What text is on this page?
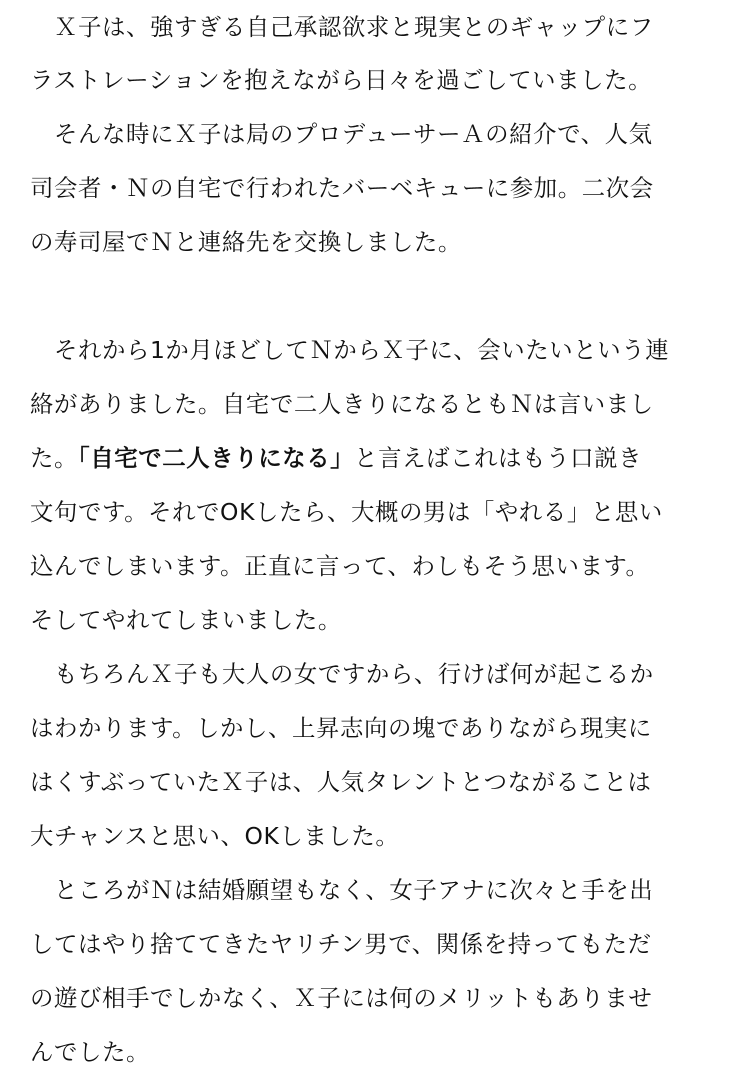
　Ｘ子は、強すぎる自己承認欲求と現実とのギャップにフ
ラストレーションを抱えながら日々を過ごしていました。
　そんな時にＸ子は局のプロデューサーＡの紹介で、人気
司会者・Ｎの自宅で行われたバーベキューに参加。二次会
の寿司屋でＮと連絡先を交換しました。
　それから1か月ほどしてＮからＸ子に、会いたいという連
絡がありました。自宅で二人きりになるともＮは言いまし
た。「自宅で二人きりになる」と言えばこれはもう口説き
文句です。それでOKしたら、大概の男は「やれる」と思い
込んでしまいます。正直に言って、わしもそう思います。
そしてやれてしまいました。
　もちろんＸ子も大人の女ですから、行けば何が起こるか
はわかります。しかし、上昇志向の塊でありながら現実に
はくすぶっていたＸ子は、人気タレントとつながることは
大チャンスと思い、OKしました。
　ところがＮは結婚願望もなく、女子アナに次々と手を出
してはやり捨ててきたヤリチン男で、関係を持ってもただ
の遊び相手でしかなく、Ｘ子には何のメリットもありませ
んでした。
